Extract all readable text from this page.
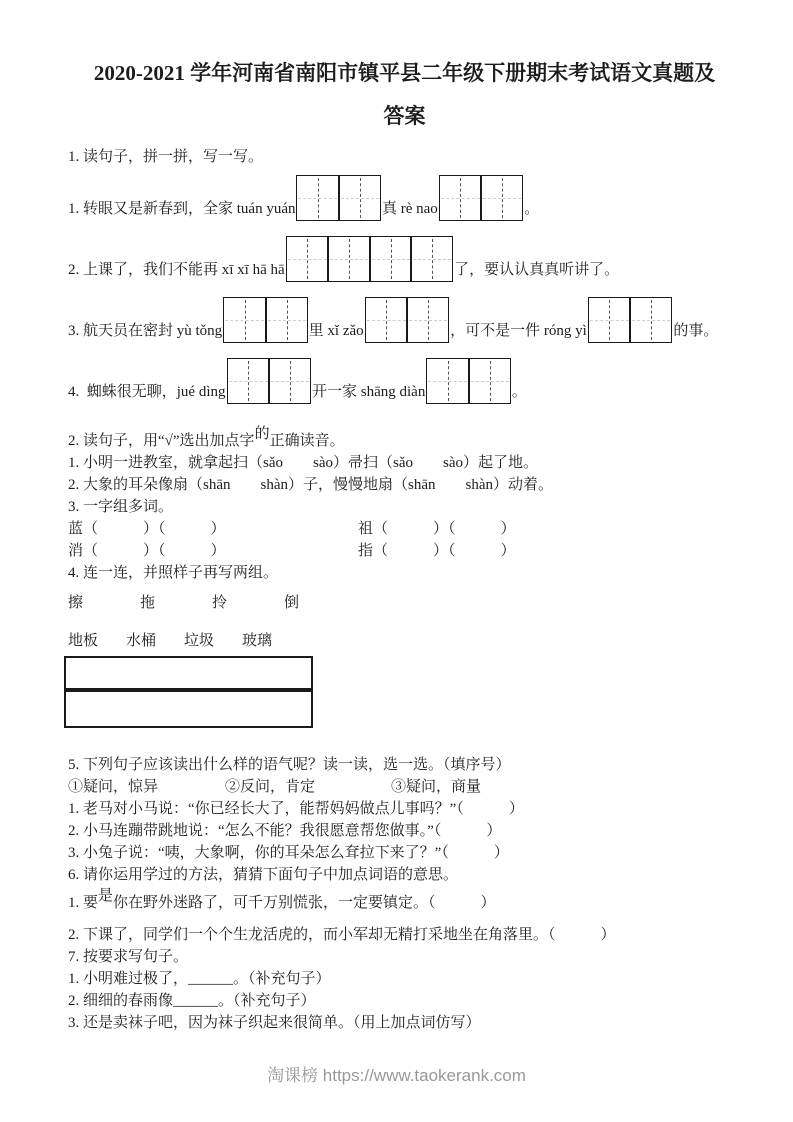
2020-2021 学年河南省南阳市镇平县二年级下册期末考试语文真题及
答案
1. 读句子，拼一拼，写一写。
1. 转眼又是新春到，全家 tuán yuán	真 rè nao	。
2. 上课了，我们不能再 xī xī hā hā	了，要认认真真听讲了。
3. 航天员在密封 yù tǒng	里 xǐ zǎo	，可不是一件 róng yì	的事。
4.  蜘蛛很无聊，jué dìng	开一家 shāng diàn	。
2. 读句子，用“√”选出加点字的正确读音。
1. 小明一进教室，就拿起扫（sǎo　　sào）帚扫（sǎo　　sào）起了地。
2. 大象的耳朵像扇（shān　　shàn）子，慢慢地扇（shān　　shàn）动着。
3. 一字组多词。
蓝（　　　）（　　　）	祖（　　　）（　　　）
消（　　　）（　　　）	指（　　　）（　　　）
4. 连一连，并照样子再写两组。
擦	拖	拎	倒
地板 水桶 垃圾 玻璃
5. 下列句子应该读出什么样的语气呢？读一读，选一选。（填序号）
①疑问，惊异	②反问，肯定	③疑问，商量
1. 老马对小马说：“你已经长大了，能帮妈妈做点儿事吗？”（　　　）
2. 小马连蹦带跳地说：“怎么不能？我很愿意帮您做事。”（　　　）
3. 小兔子说：“咦，大象啊，你的耳朵怎么耷拉下来了？”（　　　）
6. 请你运用学过的方法，猜猜下面句子中加点词语的意思。
1. 要是你在野外迷路了，可千万别慌张，一定要镇定。（　　　）
2. 下课了，同学们一个个生龙活虎的，而小军却无精打采地坐在角落里。（　　　）
7. 按要求写句子。
1. 小明难过极了，______。（补充句子）
2. 细细的春雨像______。（补充句子）
3. 还是卖袜子吧，因为袜子织起来很简单。（用上加点词仿写）
淘课榜 https://www.taokerank.com
